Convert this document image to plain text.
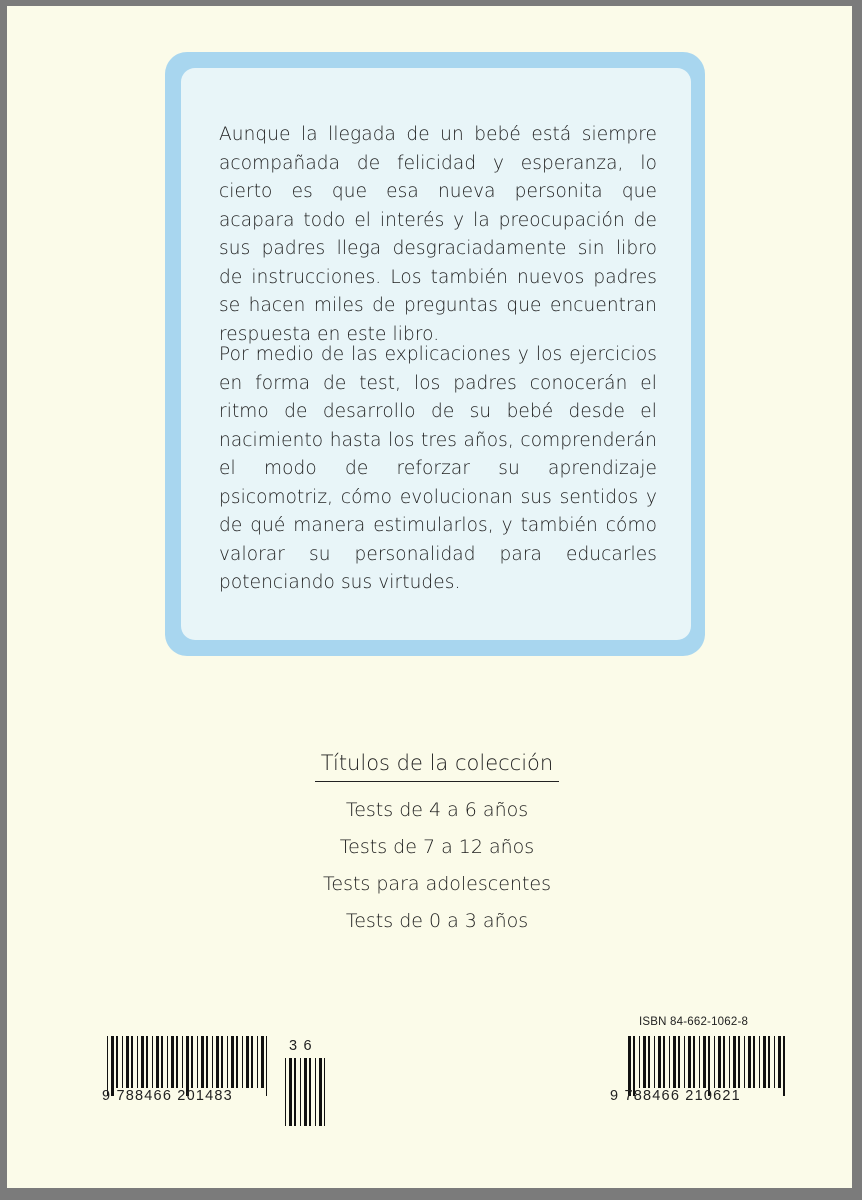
Aunque la llegada de un bebé está siempre acompañada de felicidad y esperanza, lo cierto es que esa nueva personita que acapara todo el interés y la preocupación de sus padres llega desgraciadamente sin libro de instrucciones. Los también nuevos padres se hacen miles de preguntas que encuentran respuesta en este libro.

Por medio de las explicaciones y los ejercicios en forma de test, los padres conocerán el ritmo de desarrollo de su bebé desde el nacimiento hasta los tres años, comprenderán el modo de reforzar su aprendizaje psicomotriz, cómo evolucionan sus sentidos y de qué manera estimularlos, y también cómo valorar su personalidad para educarles potenciando sus virtudes.

Títulos de la colección
Tests de 4 a 6 años
Tests de 7 a 12 años
Tests para adolescentes
Tests de 0 a 3 años
3 6
9 788466 201483
ISBN 84-662-1062-8
9 788466 210621
